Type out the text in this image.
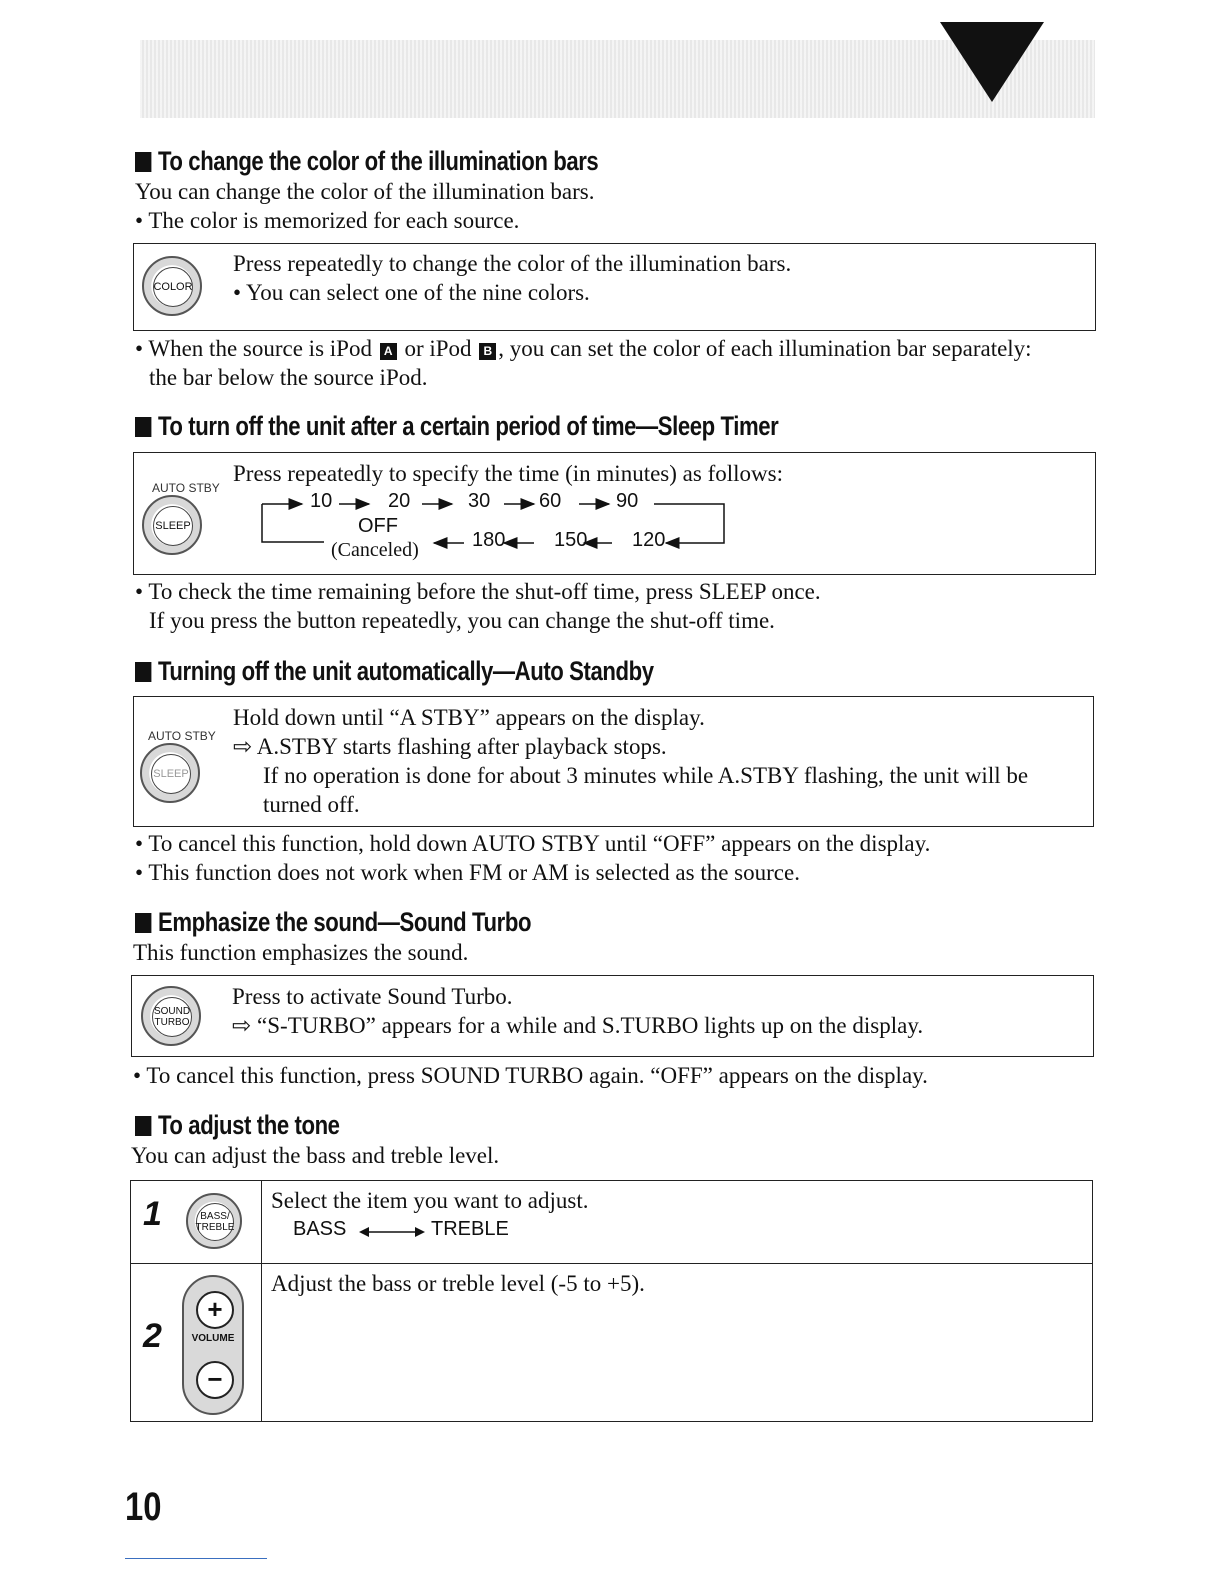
To change the color of the illumination bars
You can change the color of the illumination bars.
• The color is memorized for each source.
COLOR
Press repeatedly to change the color of the illumination bars.
• You can select one of the nine colors.
• When the source is iPod A or iPod B , you can set the color of each illumination bar separately:
the bar below the source iPod.
To turn off the unit after a certain period of time—Sleep Timer
AUTO STBY
SLEEP
Press repeatedly to specify the time (in minutes) as follows:
10	20	30 60	90
OFF
(Canceled)	180 150 120
• To check the time remaining before the shut-off time, press SLEEP once.
If you press the button repeatedly, you can change the shut-off time.
Turning off the unit automatically—Auto Standby
AUTO STBY
SLEEP
Hold down until “A STBY” appears on the display.
⇨ A.STBY starts flashing after playback stops.
If no operation is done for about 3 minutes while A.STBY flashing, the unit will be
turned off.
• To cancel this function, hold down AUTO STBY until “OFF” appears on the display.
• This function does not work when FM or AM is selected as the source.
Emphasize the sound—Sound Turbo
This function emphasizes the sound.
SOUND TURBO
Press to activate Sound Turbo.
⇨ “S-TURBO” appears for a while and S.TURBO lights up on the display.
• To cancel this function, press SOUND TURBO again. “OFF” appears on the display.
To adjust the tone
You can adjust the bass and treble level.
1	BASS/ TREBLE
Select the item you want to adjust.
BASS	TREBLE
2
Adjust the bass or treble level (-5 to +5).
+
VOLUME
−
10
